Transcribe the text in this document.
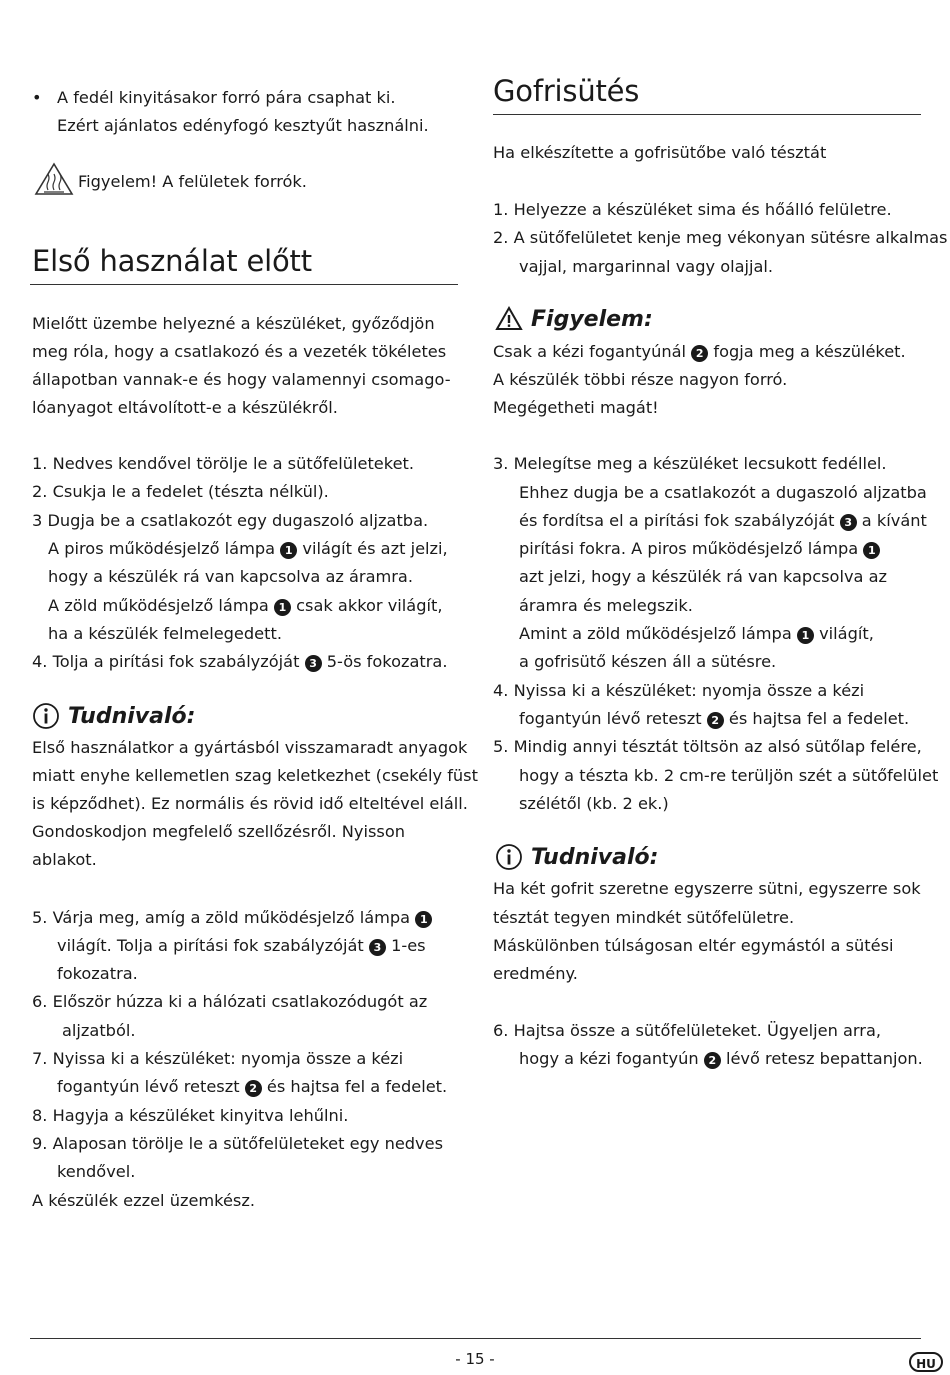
• A fedél kinyitásakor forró pára csaphat ki.

Ezért ajánlatos edényfogó kesztyűt használni.

Figyelem! A felületek forrók.

Első használat előtt

Mielőtt üzembe helyezné a készüléket, győződjön

meg róla, hogy a csatlakozó és a vezeték tökéletes

állapotban vannak-e és hogy valamennyi csomago-

lóanyagot eltávolított-e a készülékről.

1. Nedves kendővel törölje le a sütőfelületeket.

2. Csukja le a fedelet (tészta nélkül).

3 Dugja be a csatlakozót egy dugaszoló aljzatba.

A piros működésjelző lámpa 1 világít és azt jelzi,

hogy a készülék rá van kapcsolva az áramra.

A zöld működésjelző lámpa 1 csak akkor világít,

ha a készülék felmelegedett.

4. Tolja a pirítási fok szabályzóját 3 5-ös fokozatra.

Tudnivaló:

Első használatkor a gyártásból visszamaradt anyagok

miatt enyhe kellemetlen szag keletkezhet (csekély füst

is képződhet). Ez normális és rövid idő elteltével eláll.

Gondoskodjon megfelelő szellőzésről. Nyisson

ablakot.

5. Várja meg, amíg a zöld működésjelző lámpa 1

világít. Tolja a pirítási fok szabályzóját 3 1-es

fokozatra.

6. Először húzza ki a hálózati csatlakozódugót az

aljzatból.

7. Nyissa ki a készüléket: nyomja össze a kézi

fogantyún lévő reteszt 2 és hajtsa fel a fedelet.

8. Hagyja a készüléket kinyitva lehűlni.

9. Alaposan törölje le a sütőfelületeket egy nedves

kendővel.

A készülék ezzel üzemkész.

Gofrisütés

Ha elkészítette a gofrisütőbe való tésztát

1. Helyezze a készüléket sima és hőálló felületre.

2. A sütőfelületet kenje meg vékonyan sütésre alkalmas

vajjal, margarinnal vagy olajjal.

Figyelem:

Csak a kézi fogantyúnál 2 fogja meg a készüléket.

A készülék többi része nagyon forró.

Megégetheti magát!

3. Melegítse meg a készüléket lecsukott fedéllel.

Ehhez dugja be a csatlakozót a dugaszoló aljzatba

és fordítsa el a pirítási fok szabályzóját 3 a kívánt

pirítási fokra. A piros működésjelző lámpa 1

azt jelzi, hogy a készülék rá van kapcsolva az

áramra és melegszik.

Amint a zöld működésjelző lámpa 1 világít,

a gofrisütő készen áll a sütésre.

4. Nyissa ki a készüléket: nyomja össze a kézi

fogantyún lévő reteszt 2 és hajtsa fel a fedelet.

5. Mindig annyi tésztát töltsön az alsó sütőlap felére,

hogy a tészta kb. 2 cm-re terüljön szét a sütőfelület

szélétől (kb. 2 ek.)

Tudnivaló:

Ha két gofrit szeretne egyszerre sütni, egyszerre sok

tésztát tegyen mindkét sütőfelületre.

Máskülönben túlságosan eltér egymástól a sütési

eredmény.

6. Hajtsa össze a sütőfelületeket. Ügyeljen arra,

hogy a kézi fogantyún 2 lévő retesz bepattanjon.

- 15 -	HU
